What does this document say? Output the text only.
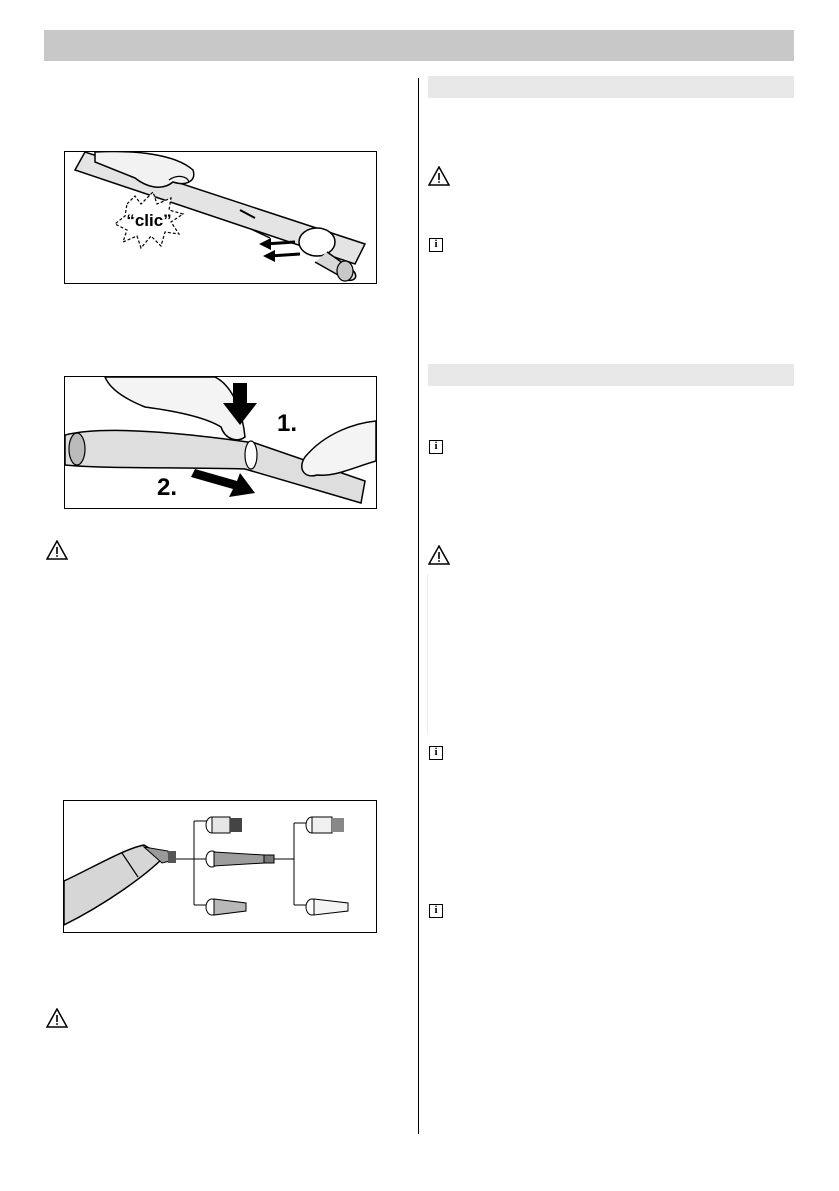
“clic”
1.
2.
i
i
i
i
